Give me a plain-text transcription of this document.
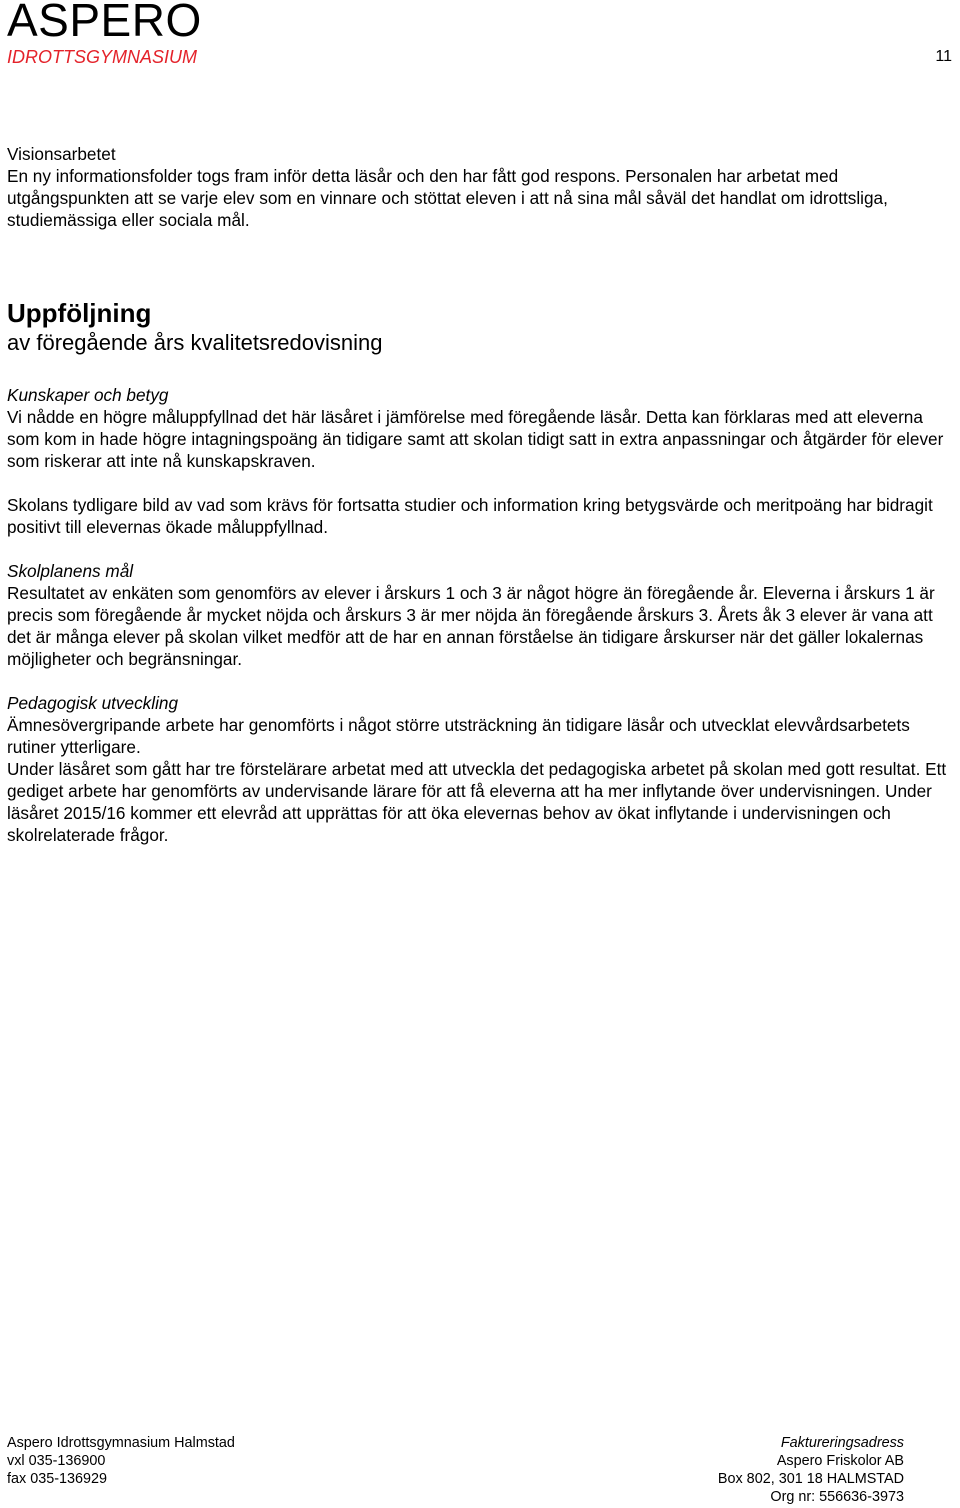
ASPERO
IDROTTSGYMNASIUM	11

Visionsarbetet

En ny informationsfolder togs fram inför detta läsår och den har fått god respons. Personalen har arbetat med utgångspunkten att se varje elev som en vinnare och stöttat eleven i att nå sina mål såväl det handlat om idrottsliga, studiemässiga eller sociala mål.

Uppföljning
av föregående års kvalitetsredovisning

Kunskaper och betyg

Vi nådde en högre måluppfyllnad det här läsåret i jämförelse med föregående läsår. Detta kan förklaras med att eleverna som kom in hade högre intagningspoäng än tidigare samt att skolan tidigt satt in extra anpassningar och åtgärder för elever som riskerar att inte nå kunskapskraven.

Skolans tydligare bild av vad som krävs för fortsatta studier och information kring betygsvärde och meritpoäng har bidragit positivt till elevernas ökade måluppfyllnad.

Skolplanens mål

Resultatet av enkäten som genomförs av elever i årskurs 1 och 3 är något högre än föregående år. Eleverna i årskurs 1 är precis som föregående år mycket nöjda och årskurs 3 är mer nöjda än föregående årskurs 3. Årets åk 3 elever är vana att det är många elever på skolan vilket medför att de har en annan förståelse än tidigare årskurser när det gäller lokalernas möjligheter och begränsningar.

Pedagogisk utveckling

Ämnesövergripande arbete har genomförts i något större utsträckning än tidigare läsår och utvecklat elevvårdsarbetets rutiner ytterligare.

Under läsåret som gått har tre förstelärare arbetat med att utveckla det pedagogiska arbetet på skolan med gott resultat. Ett gediget arbete har genomförts av undervisande lärare för att få eleverna att ha mer inflytande över undervisningen. Under läsåret 2015/16 kommer ett elevråd att upprättas för att öka elevernas behov av ökat inflytande i undervisningen och skolrelaterade frågor.

Aspero Idrottsgymnasium Halmstad
vxl 035-136900
fax 035-136929
Faktureringsadress
Aspero Friskolor AB
Box 802, 301 18 HALMSTAD
Org nr: 556636-3973
